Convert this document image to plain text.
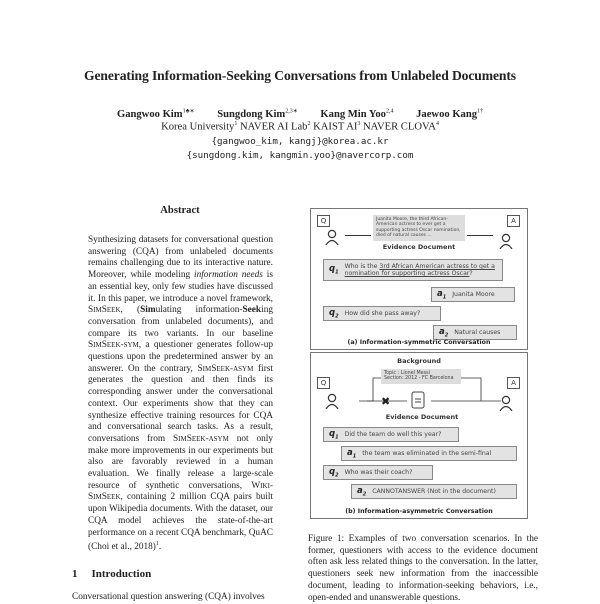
Generating Information-Seeking Conversations from Unlabeled Documents
Gangwoo Kim$^{1♣∗}$ Sungdong Kim$^{2,3∗}$ Kang Min Yoo$^{2,4}$ Jaewoo Kang$^{1\dagger}$
Korea University$^1$ NAVER AI Lab$^2$ KAIST $AI^3$ NAVER CLOVA$^4$
{gangwoo_kim, kangj}@korea.ac.kr
{sungdong.kim, kangmin.yoo}@navercorp.com
Abstract

Synthesizing datasets for conversational question answering (CQA) from unlabeled documents remains challenging due to its interactive nature. Moreover, while modeling information needs is an essential key, only few studies have discussed it. In this paper, we introduce a novel framework, SimSeek, (Simulating information-Seeking conversation from unlabeled documents), and compare its two variants. In our baseline SimSeek-sym, a questioner generates follow-up questions upon the predetermined answer by an answerer. On the contrary, SimSeek-asym first generates the question and then finds its corresponding answer under the conversational context. Our experiments show that they can synthesize effective training resources for CQA and conversational search tasks. As a result, conversations from SimSeek-asym not only make more improvements in our experiments but also are favorably reviewed in a human evaluation. We finally release a large-scale resource of synthetic conversations, Wiki-SimSeek, containing 2 million CQA pairs built upon Wikipedia documents. With the dataset, our CQA model achieves the state-of-the-art performance on a recent CQA benchmark, QuAC (Choi et al., 2018)$^1$.

1 Introduction
Conversational question answering (CQA) involves
Q	Juanita Moore, the third African-American actress to ever get a supporting actress Oscar nomination, died of natural causes ...
A
Evidence Document
$q_1$
Who is the 3rd African American actress to get a nomination for supporting actress Oscar?
$a_1$ Juanita Moore
$q_2$ How did she pass away?
$a_2$ Natural causes
(a) Information-symmetric Conversation
Background
Topic : Lionel Messi
Section: 2012 - FC Barcelona
Q
✖
A
Evidence Document
$q_1$ Did the team do well this year?
$a_1$ the team was eliminated in the semi-final
$q_2$ Who was their coach?
$a_2$ CANNOTANSWER (Not in the document)
(b) Information-asymmetric Conversation
Figure 1: Examples of two conversation scenarios. In the former, questioners with access to the evidence document often ask less related things to the conversation. In the latter, questioners seek new information from the inaccessible document, leading to information-seeking behaviors, i.e., open-ended and unanswerable questions.
